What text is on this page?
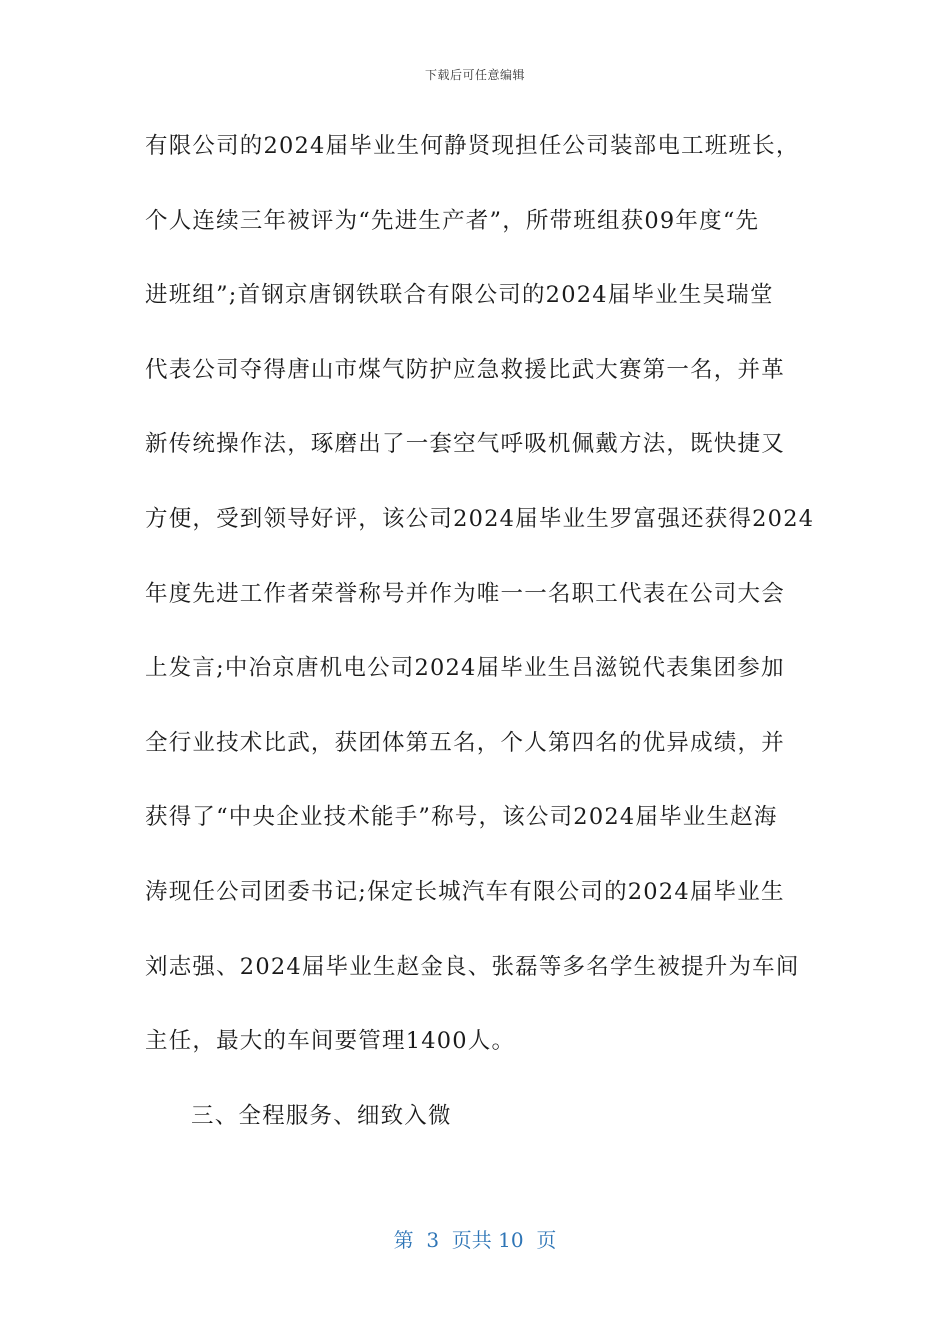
下载后可任意编辑
有限公司的2024届毕业生何静贤现担任公司装部电工班班长，
个人连续三年被评为“先进生产者”，所带班组获09年度“先
进班组”;首钢京唐钢铁联合有限公司的2024届毕业生吴瑞堂
代表公司夺得唐山市煤气防护应急救援比武大赛第一名，并革
新传统操作法，琢磨出了一套空气呼吸机佩戴方法，既快捷又
方便，受到领导好评，该公司2024届毕业生罗富强还获得2024
年度先进工作者荣誉称号并作为唯一一名职工代表在公司大会
上发言;中冶京唐机电公司2024届毕业生吕滋锐代表集团参加
全行业技术比武，获团体第五名，个人第四名的优异成绩，并
获得了“中央企业技术能手”称号，该公司2024届毕业生赵海
涛现任公司团委书记;保定长城汽车有限公司的2024届毕业生
刘志强、2024届毕业生赵金良、张磊等多名学生被提升为车间
主任，最大的车间要管理1400人。
三、全程服务、细致入微
第  3  页共 10  页
